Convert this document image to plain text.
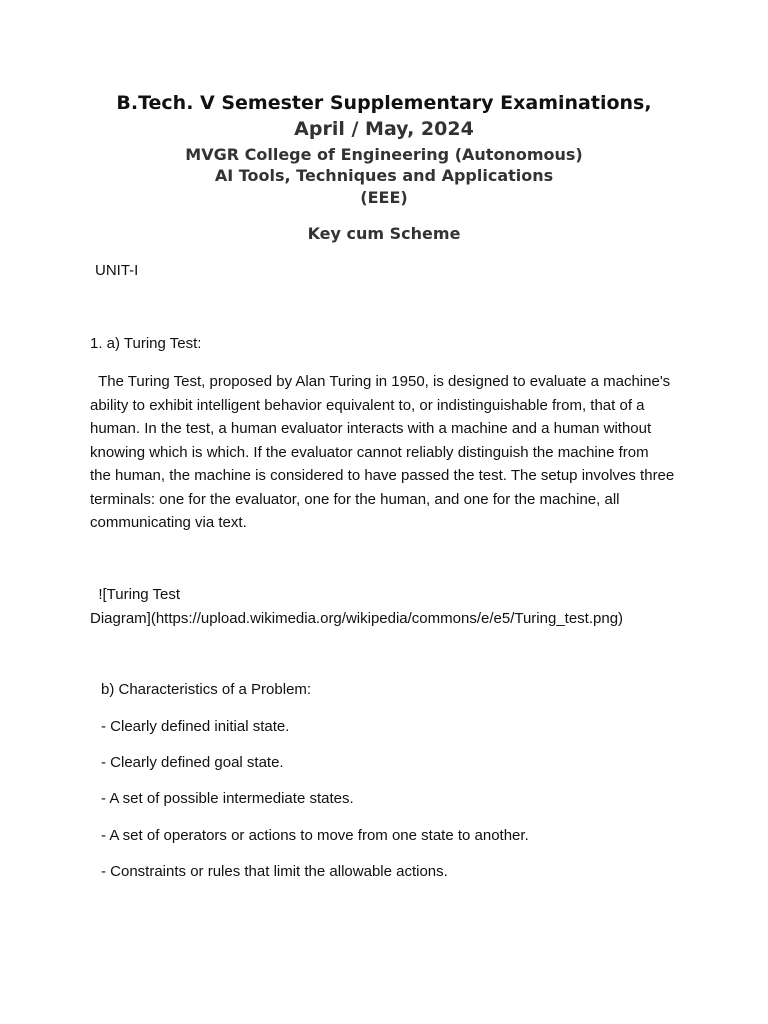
B.Tech. V Semester Supplementary Examinations,
April / May, 2024
MVGR College of Engineering (Autonomous)
AI Tools, Techniques and Applications
(EEE)
Key cum Scheme
UNIT-I
1. a) Turing Test:
The Turing Test, proposed by Alan Turing in 1950, is designed to evaluate a machine's
ability to exhibit intelligent behavior equivalent to, or indistinguishable from, that of a
human. In the test, a human evaluator interacts with a machine and a human without
knowing which is which. If the evaluator cannot reliably distinguish the machine from
the human, the machine is considered to have passed the test. The setup involves three
terminals: one for the evaluator, one for the human, and one for the machine, all
communicating via text.
![Turing Test
Diagram](https://upload.wikimedia.org/wikipedia/commons/e/e5/Turing_test.png)
b) Characteristics of a Problem:
- Clearly defined initial state.
- Clearly defined goal state.
- A set of possible intermediate states.
- A set of operators or actions to move from one state to another.
- Constraints or rules that limit the allowable actions.
